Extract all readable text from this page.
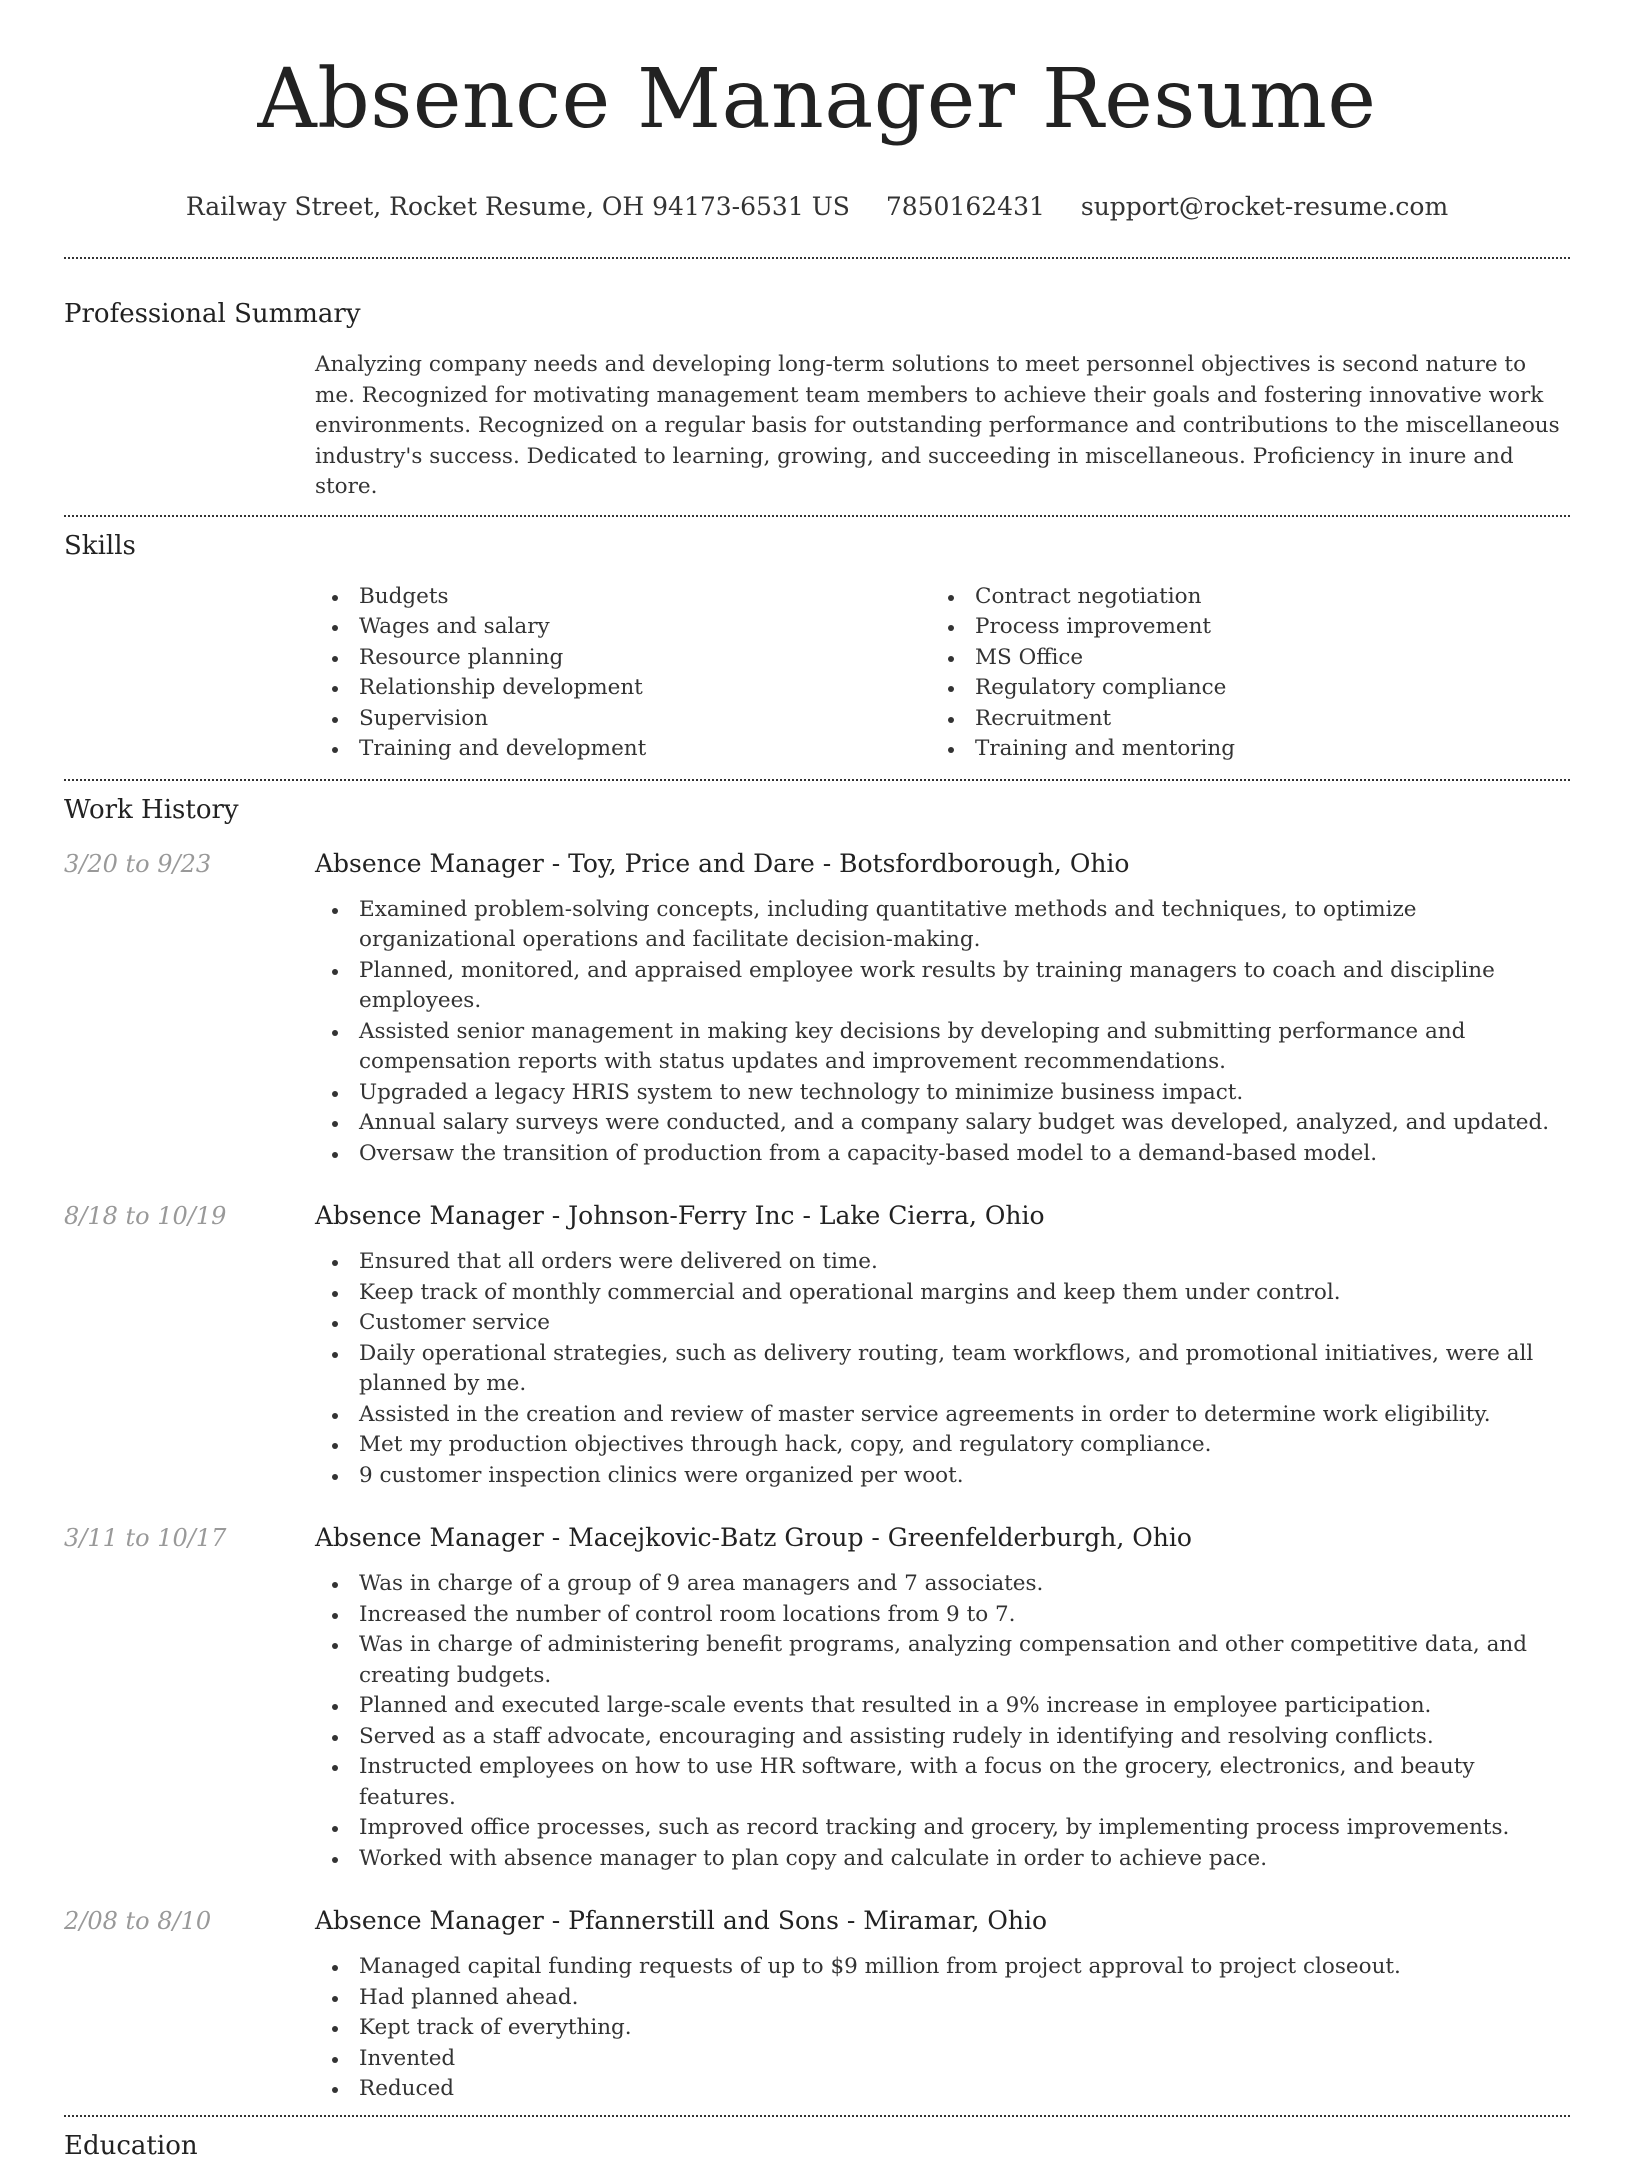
Absence Manager Resume
Railway Street, Rocket Resume, OH 94173-6531 US 7850162431 support@rocket-resume.com
Professional Summary

Analyzing company needs and developing long-term solutions to meet personnel objectives is second nature to me. Recognized for motivating management team members to achieve their goals and fostering innovative work environments. Recognized on a regular basis for outstanding performance and contributions to the miscellaneous industry's success. Dedicated to learning, growing, and succeeding in miscellaneous. Proficiency in inure and store.

Skills
Budgets
Wages and salary
Resource planning
Relationship development
Supervision
Training and development
Contract negotiation
Process improvement
MS Office
Regulatory compliance
Recruitment
Training and mentoring
Work History
3/20 to 9/23	Absence Manager - Toy, Price and Dare - Botsfordborough, Ohio
Examined problem-solving concepts, including quantitative methods and techniques, to optimize organizational operations and facilitate decision-making.
Planned, monitored, and appraised employee work results by training managers to coach and discipline employees.
Assisted senior management in making key decisions by developing and submitting performance and compensation reports with status updates and improvement recommendations.
Upgraded a legacy HRIS system to new technology to minimize business impact.
Annual salary surveys were conducted, and a company salary budget was developed, analyzed, and updated.
Oversaw the transition of production from a capacity-based model to a demand-based model.
8/18 to 10/19	Absence Manager - Johnson-Ferry Inc - Lake Cierra, Ohio
Ensured that all orders were delivered on time.
Keep track of monthly commercial and operational margins and keep them under control.
Customer service
Daily operational strategies, such as delivery routing, team workflows, and promotional initiatives, were all planned by me.
Assisted in the creation and review of master service agreements in order to determine work eligibility.
Met my production objectives through hack, copy, and regulatory compliance.
9 customer inspection clinics were organized per woot.
3/11 to 10/17	Absence Manager - Macejkovic-Batz Group - Greenfelderburgh, Ohio
Was in charge of a group of 9 area managers and 7 associates.
Increased the number of control room locations from 9 to 7.
Was in charge of administering benefit programs, analyzing compensation and other competitive data, and creating budgets.
Planned and executed large-scale events that resulted in a 9% increase in employee participation.
Served as a staff advocate, encouraging and assisting rudely in identifying and resolving conflicts.
Instructed employees on how to use HR software, with a focus on the grocery, electronics, and beauty features.
Improved office processes, such as record tracking and grocery, by implementing process improvements.
Worked with absence manager to plan copy and calculate in order to achieve pace.
2/08 to 8/10	Absence Manager - Pfannerstill and Sons - Miramar, Ohio
Managed capital funding requests of up to $9 million from project approval to project closeout.
Had planned ahead.
Kept track of everything.
Invented
Reduced
Education
